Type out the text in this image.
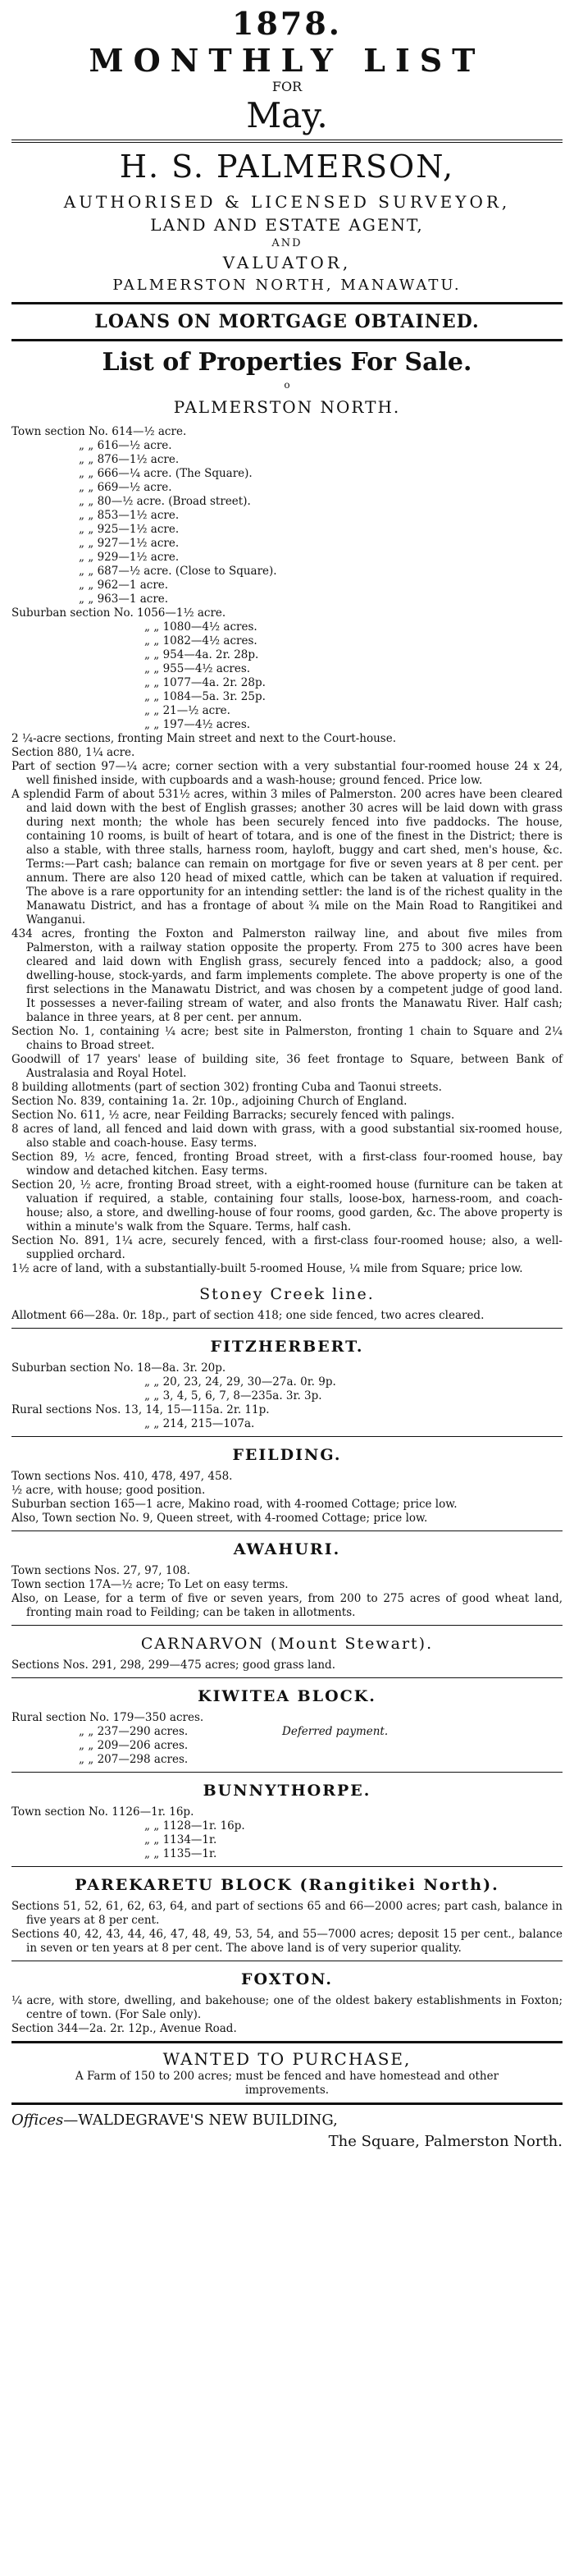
1878.
MONTHLY LIST
FOR
May.
H. S. PALMERSON,
AUTHORISED & LICENSED SURVEYOR,
LAND AND ESTATE AGENT,
AND
VALUATOR,
PALMERSTON NORTH, MANAWATU.
LOANS ON MORTGAGE OBTAINED.
List of Properties For Sale.
o
PALMERSTON NORTH.
Town section No. 614—½ acre.
„ „ 616—½ acre.
„ „ 876—1½ acre.
„ „ 666—¼ acre. (The Square).
„ „ 669—½ acre.
„ „ 80—½ acre. (Broad street).
„ „ 853—1½ acre.
„ „ 925—1½ acre.
„ „ 927—1½ acre.
„ „ 929—1½ acre.
„ „ 687—½ acre. (Close to Square).
„ „ 962—1 acre.
„ „ 963—1 acre.
Suburban section No. 1056—1½ acre.
„ „ 1080—4½ acres.
„ „ 1082—4½ acres.
„ „ 954—4a. 2r. 28p.
„ „ 955—4½ acres.
„ „ 1077—4a. 2r. 28p.
„ „ 1084—5a. 3r. 25p.
„ „ 21—½ acre.
„ „ 197—4½ acres.

2 ¼-acre sections, fronting Main street and next to the Court-house.

Section 880, 1¼ acre.

Part of section 97—¼ acre; corner section with a very substantial four-roomed house 24 x 24, well finished inside, with cupboards and a wash-house; ground fenced. Price low.

A splendid Farm of about 531½ acres, within 3 miles of Palmerston. 200 acres have been cleared and laid down with the best of English grasses; another 30 acres will be laid down with grass during next month; the whole has been securely fenced into five paddocks. The house, containing 10 rooms, is built of heart of totara, and is one of the finest in the District; there is also a stable, with three stalls, harness room, hayloft, buggy and cart shed, men's house, &c. Terms:—Part cash; balance can remain on mortgage for five or seven years at 8 per cent. per annum. There are also 120 head of mixed cattle, which can be taken at valuation if required. The above is a rare opportunity for an intending settler: the land is of the richest quality in the Manawatu District, and has a frontage of about ¾ mile on the Main Road to Rangitikei and Wanganui.

434 acres, fronting the Foxton and Palmerston railway line, and about five miles from Palmerston, with a railway station opposite the property. From 275 to 300 acres have been cleared and laid down with English grass, securely fenced into a paddock; also, a good dwelling-house, stock-yards, and farm implements complete. The above property is one of the first selections in the Manawatu District, and was chosen by a competent judge of good land. It possesses a never-failing stream of water, and also fronts the Manawatu River. Half cash; balance in three years, at 8 per cent. per annum.

Section No. 1, containing ¼ acre; best site in Palmerston, fronting 1 chain to Square and 2¼ chains to Broad street.

Goodwill of 17 years' lease of building site, 36 feet frontage to Square, between Bank of Australasia and Royal Hotel.

8 building allotments (part of section 302) fronting Cuba and Taonui streets.

Section No. 839, containing 1a. 2r. 10p., adjoining Church of England.

Section No. 611, ½ acre, near Feilding Barracks; securely fenced with palings.

8 acres of land, all fenced and laid down with grass, with a good substantial six-roomed house, also stable and coach-house. Easy terms.

Section 89, ½ acre, fenced, fronting Broad street, with a first-class four-roomed house, bay window and detached kitchen. Easy terms.

Section 20, ½ acre, fronting Broad street, with a eight-roomed house (furniture can be taken at valuation if required, a stable, containing four stalls, loose-box, harness-room, and coach-house; also, a store, and dwelling-house of four rooms, good garden, &c. The above property is within a minute's walk from the Square. Terms, half cash.

Section No. 891, 1¼ acre, securely fenced, with a first-class four-roomed house; also, a well-supplied orchard.

1½ acre of land, with a substantially-built 5-roomed House, ¼ mile from Square; price low.

Stoney Creek line.

Allotment 66—28a. 0r. 18p., part of section 418; one side fenced, two acres cleared.

FITZHERBERT.
Suburban section No. 18—8a. 3r. 20p.
„ „ 20, 23, 24, 29, 30—27a. 0r. 9p.
„ „ 3, 4, 5, 6, 7, 8—235a. 3r. 3p.
Rural sections Nos. 13, 14, 15—115a. 2r. 11p.
„ „ 214, 215—107a.
FEILDING.

Town sections Nos. 410, 478, 497, 458.

½ acre, with house; good position.

Suburban section 165—1 acre, Makino road, with 4-roomed Cottage; price low.

Also, Town section No. 9, Queen street, with 4-roomed Cottage; price low.

AWAHURI.

Town sections Nos. 27, 97, 108.

Town section 17A—½ acre; To Let on easy terms.

Also, on Lease, for a term of five or seven years, from 200 to 275 acres of good wheat land, fronting main road to Feilding; can be taken in allotments.

CARNARVON (Mount Stewart).

Sections Nos. 291, 298, 299—475 acres; good grass land.

KIWITEA BLOCK.
Rural section No. 179—350 acres.
„ „ 237—290 acres.
„ „ 209—206 acres.
„ „ 207—298 acres.
Deferred payment.
BUNNYTHORPE.
Town section No. 1126—1r. 16p.
„ „ 1128—1r. 16p.
„ „ 1134—1r.
„ „ 1135—1r.
PAREKARETU BLOCK (Rangitikei North).

Sections 51, 52, 61, 62, 63, 64, and part of sections 65 and 66—2000 acres; part cash, balance in five years at 8 per cent.

Sections 40, 42, 43, 44, 46, 47, 48, 49, 53, 54, and 55—7000 acres; deposit 15 per cent., balance in seven or ten years at 8 per cent. The above land is of very superior quality.

FOXTON.

¼ acre, with store, dwelling, and bakehouse; one of the oldest bakery establishments in Foxton; centre of town. (For Sale only).

Section 344—2a. 2r. 12p., Avenue Road.

WANTED TO PURCHASE,
A Farm of 150 to 200 acres; must be fenced and have homestead and other improvements.
Offices—WALDEGRAVE'S NEW BUILDING,
The Square, Palmerston North.
